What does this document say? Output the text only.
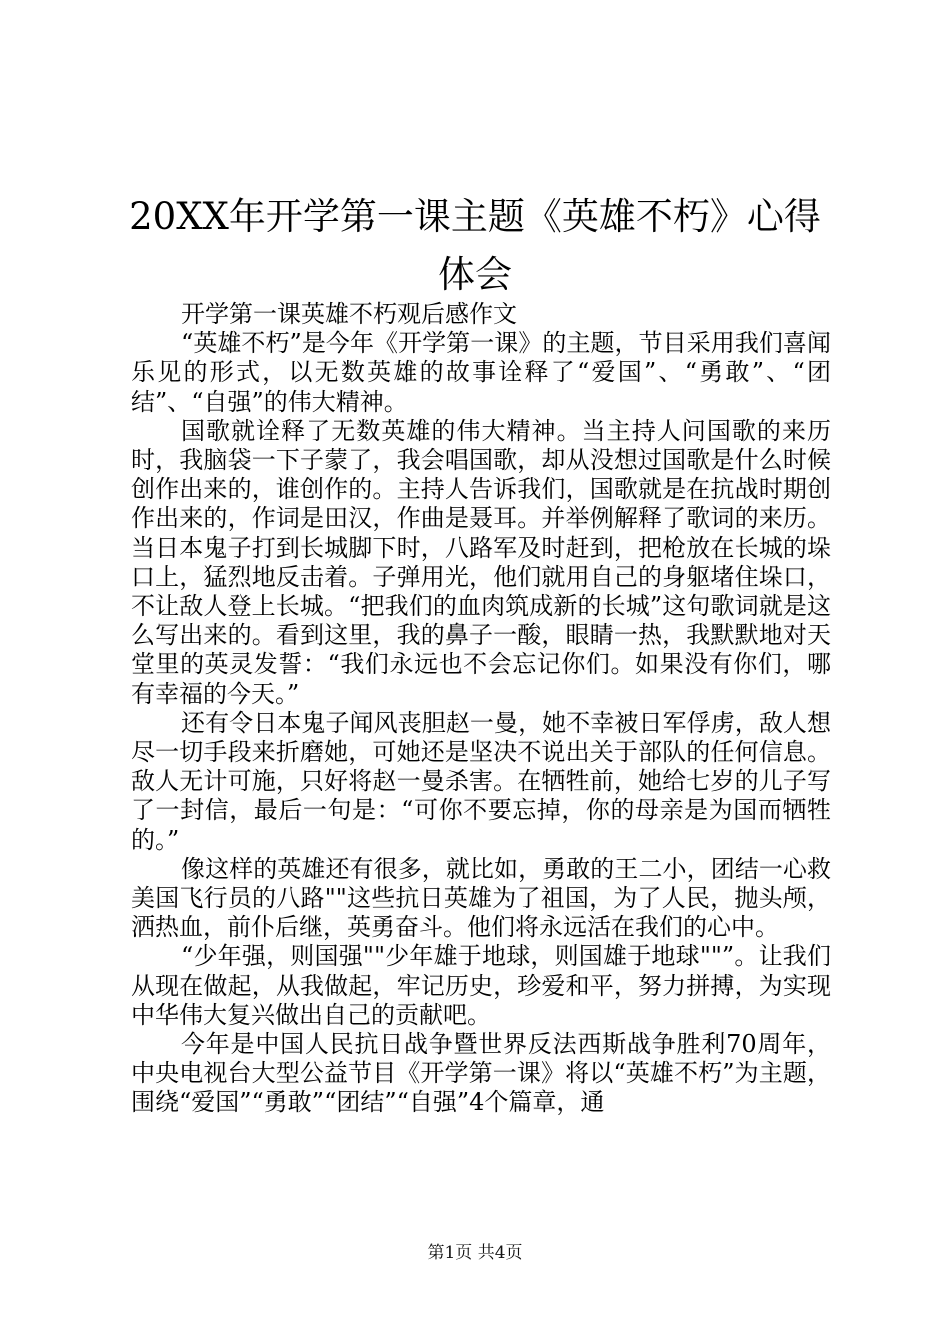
20XX年开学第一课主题《英雄不朽》心得体会

开学第一课英雄不朽观后感作文

“英雄不朽”是今年《开学第一课》的主题，节目采用我们喜闻乐见的形式，以无数英雄的故事诠释了“爱国”、“勇敢”、“团结”、“自强”的伟大精神。

国歌就诠释了无数英雄的伟大精神。当主持人问国歌的来历时，我脑袋一下子蒙了，我会唱国歌，却从没想过国歌是什么时候创作出来的，谁创作的。主持人告诉我们，国歌就是在抗战时期创作出来的，作词是田汉，作曲是聂耳。并举例解释了歌词的来历。当日本鬼子打到长城脚下时，八路军及时赶到，把枪放在长城的垛口上，猛烈地反击着。子弹用光，他们就用自己的身躯堵住垛口，不让敌人登上长城。“把我们的血肉筑成新的长城”这句歌词就是这么写出来的。看到这里，我的鼻子一酸，眼睛一热，我默默地对天堂里的英灵发誓：“我们永远也不会忘记你们。如果没有你们，哪有幸福的今天。”

还有令日本鬼子闻风丧胆赵一曼，她不幸被日军俘虏，敌人想尽一切手段来折磨她，可她还是坚决不说出关于部队的任何信息。敌人无计可施，只好将赵一曼杀害。在牺牲前，她给七岁的儿子写了一封信，最后一句是：“可你不要忘掉，你的母亲是为国而牺牲的。”

像这样的英雄还有很多，就比如，勇敢的王二小，团结一心救美国飞行员的八路""这些抗日英雄为了祖国，为了人民，抛头颅，洒热血，前仆后继，英勇奋斗。他们将永远活在我们的心中。

“少年强，则国强""少年雄于地球，则国雄于地球""”。让我们从现在做起，从我做起，牢记历史，珍爱和平，努力拼搏，为实现中华伟大复兴做出自己的贡献吧。

今年是中国人民抗日战争暨世界反法西斯战争胜利70周年，中央电视台大型公益节目《开学第一课》将以“英雄不朽”为主题，围绕“爱国”“勇敢”“团结”“自强”4个篇章，通

第1页 共4页
